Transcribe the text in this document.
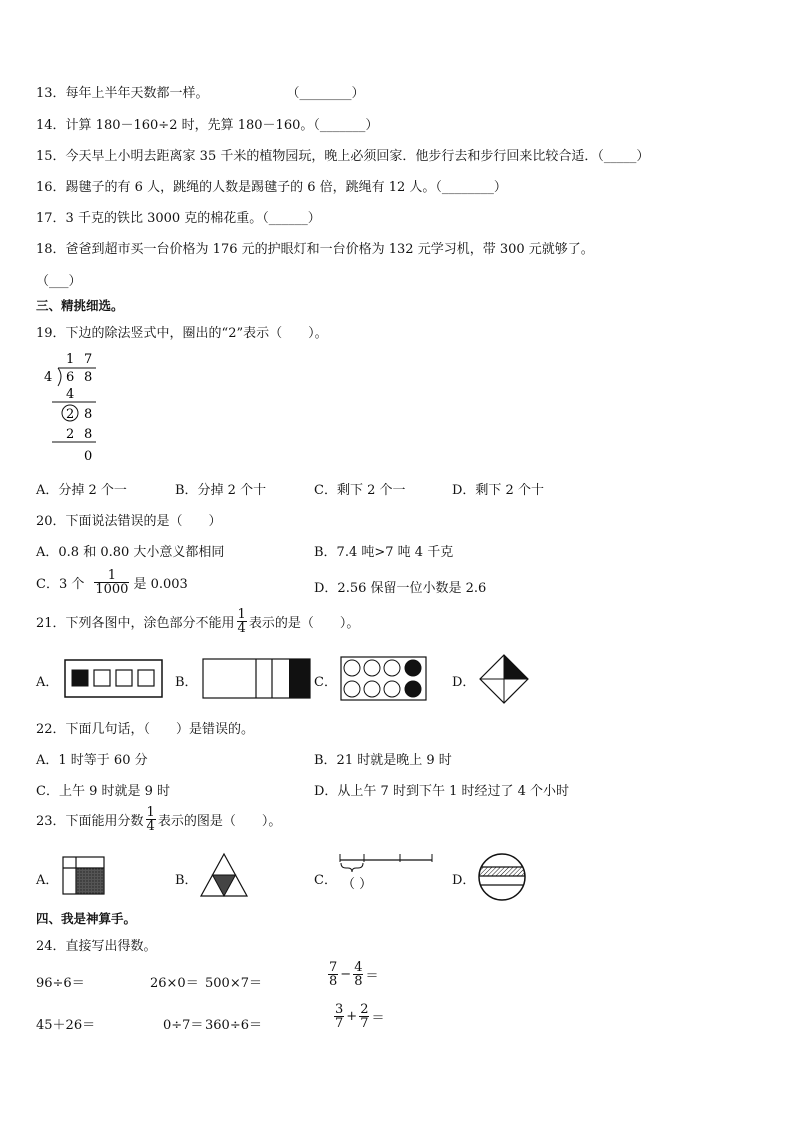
13．每年上半年天数都一样。　　　　　　　（________）
14．计算 180－160÷2 时，先算 180－160。（_______）
15．今天早上小明去距离家 35 千米的植物园玩，晚上必须回家．他步行去和步行回来比较合适．（_____）
16．踢毽子的有 6 人，跳绳的人数是踢毽子的 6 倍，跳绳有 12 人。（________）
17．3 千克的铁比 3000 克的棉花重。（______）
18．爸爸到超市买一台价格为 176 元的护眼灯和一台价格为 132 元学习机，带 300 元就够了。
（___）
三、精挑细选。
19．下边的除法竖式中，圈出的“2”表示（　　）。
1 7
4 6 8
4
2 8
2 8
0
A．分掉 2 个一	B．分掉 2 个十	C．剩下 2 个一	D．剩下 2 个十
20．下面说法错误的是（　　）
A．0.8 和 0.80 大小意义都相同	B．7.4 吨>7 吨 4 千克
C．3 个 $\frac{1}{1000}$ 是 0.003	D．2.56 保留一位小数是 2.6
21．下列各图中，涂色部分不能用 $\frac{1}{4}$ 表示的是（　　）。
A．	B．	C．	D．
22．下面几句话，（　　）是错误的。
A．1 时等于 60 分	B．21 时就是晚上 9 时
C．上午 9 时就是 9 时	D．从上午 7 时到下午 1 时经过了 4 个小时
23．下面能用分数 $\frac{1}{4}$ 表示的图是（　　）。
A．	B．	C． （ ）	D．
四、我是神算手。
24．直接写出得数。
96÷6＝	26×0＝ 500×7＝	$\frac{7}{8} - \frac{4}{8}$ ＝
45＋26＝	0÷7＝ 360÷6＝	$\frac{3}{7} + \frac{2}{7}$ ＝
